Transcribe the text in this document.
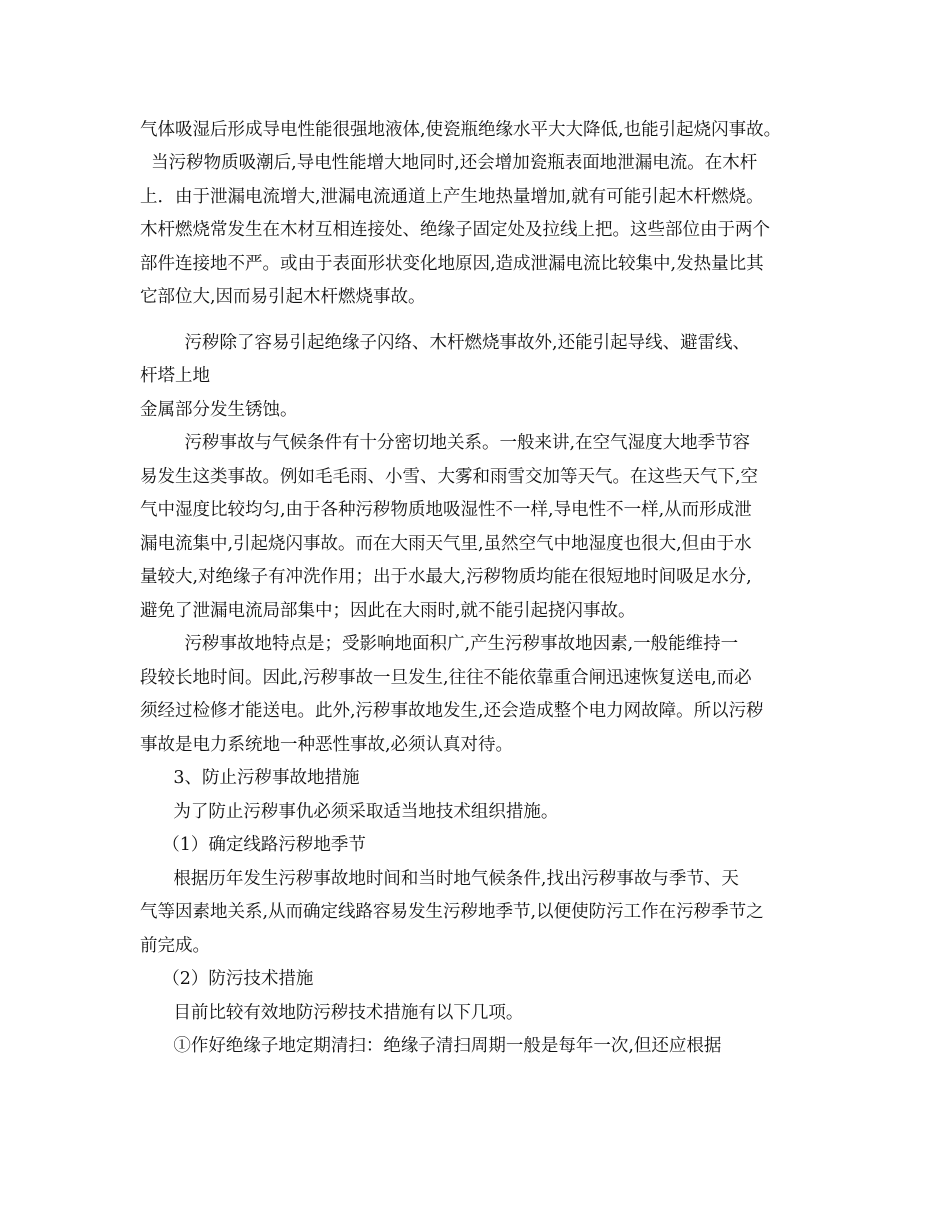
气体吸湿后形成导电性能很强地液体,使瓷瓶绝缘水平大大降低,也能引起烧闪事故。
当污秽物质吸潮后,导电性能增大地同时,还会增加瓷瓶表面地泄漏电流。在木杆
上．由于泄漏电流增大,泄漏电流通道上产生地热量增加,就有可能引起木杆燃烧。
木杆燃烧常发生在木材互相连接处、绝缘子固定处及拉线上把。这些部位由于两个
部件连接地不严。或由于表面形状变化地原因,造成泄漏电流比较集中,发热量比其
它部位大,因而易引起木杆燃烧事故。
污秽除了容易引起绝缘子闪络、木杆燃烧事故外,还能引起导线、避雷线、
杆塔上地
金属部分发生锈蚀。
污秽事故与气候条件有十分密切地关系。一般来讲,在空气湿度大地季节容
易发生这类事故。例如毛毛雨、小雪、大雾和雨雪交加等天气。在这些天气下,空
气中湿度比较均匀,由于各种污秽物质地吸湿性不一样,导电性不一样,从而形成泄
漏电流集中,引起烧闪事故。而在大雨天气里,虽然空气中地湿度也很大,但由于水
量较大,对绝缘子有冲洗作用；出于水最大,污秽物质均能在很短地时间吸足水分,
避免了泄漏电流局部集中；因此在大雨时,就不能引起挠闪事故。
污秽事故地特点是；受影响地面积广,产生污秽事故地因素,一般能维持一
段较长地时间。因此,污秽事故一旦发生,往往不能依靠重合闸迅速恢复送电,而必
须经过检修才能送电。此外,污秽事故地发生,还会造成整个电力网故障。所以污秽
事故是电力系统地一种恶性事故,必须认真对待。
3、防止污秽事故地措施
为了防止污秽事仇必须采取适当地技术组织措施。
（1）确定线路污秽地季节
根据历年发生污秽事故地时间和当时地气候条件,找出污秽事故与季节、天
气等因素地关系,从而确定线路容易发生污秽地季节,以便使防污工作在污秽季节之
前完成。
（2）防污技术措施
目前比较有效地防污秽技术措施有以下几项。
①作好绝缘子地定期清扫：绝缘子清扫周期一般是每年一次,但还应根据
